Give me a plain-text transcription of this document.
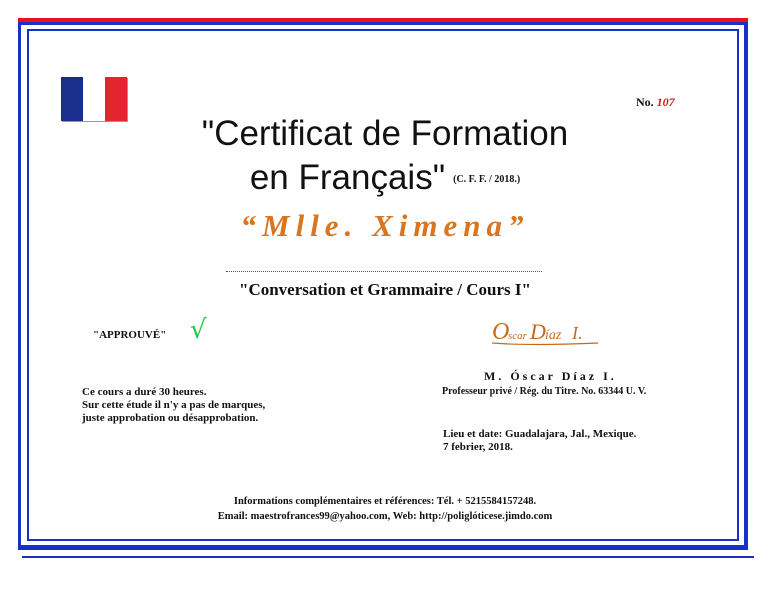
No. 107
"Certificat de Formation
en Français" (C. F. F. / 2018.)
“Mlle. Ximena”
"Conversation et Grammaire / Cours I"
"APPROUVÉ" √	O
scar D íaz I.
M. Óscar Díaz I.
Professeur privé / Rég. du Titre. No. 63344 U. V.
Ce cours a duré 30 heures.
Sur cette étude il n'y a pas de marques,
juste approbation ou désapprobation.
Lieu et date: Guadalajara, Jal., Mexique.
7 febrier, 2018.
Informations complémentaires et références: Tél. + 5215584157248.
Email: maestrofrances99@yahoo.com, Web: http://poliglóticese.jimdo.com
